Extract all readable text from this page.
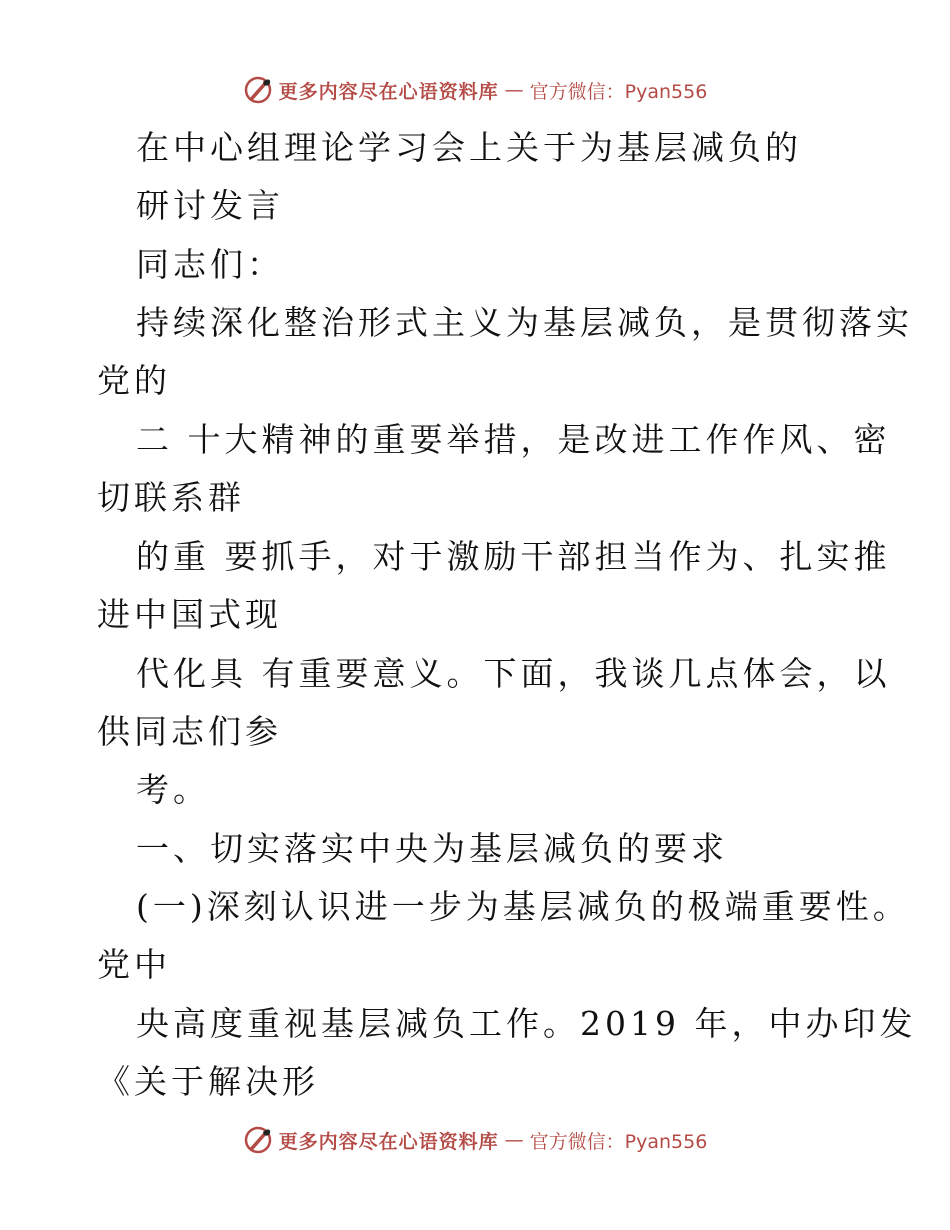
更多内容尽在心语资料库 — 官方微信：Pyan556
在中心组理论学习会上关于为基层减负的
研讨发言
同志们：
持续深化整治形式主义为基层减负，是贯彻落实
党的
二 十大精神的重要举措，是改进工作作风、密
切联系群
的重 要抓手，对于激励干部担当作为、扎实推
进中国式现
代化具 有重要意义。下面，我谈几点体会，以
供同志们参
考。
一、切实落实中央为基层减负的要求
(一)深刻认识进一步为基层减负的极端重要性。
党中
央高度重视基层减负工作。2019 年，中办印发
《关于解决形
更多内容尽在心语资料库 — 官方微信：Pyan556
